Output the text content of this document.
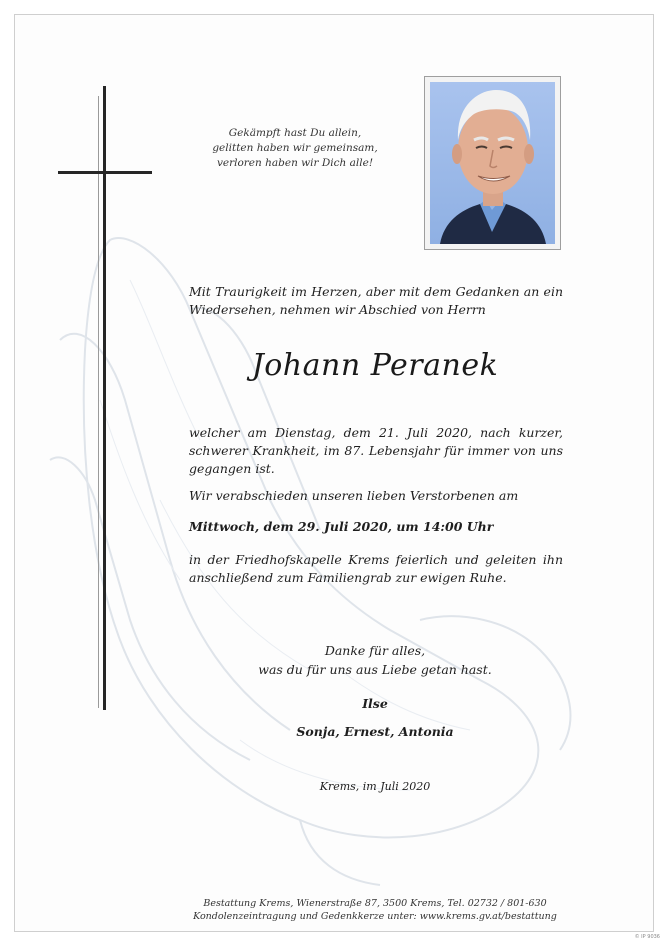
Gekämpft hast Du allein,
gelitten haben wir gemeinsam,
verloren haben wir Dich alle!
Mit Traurigkeit im Herzen, aber mit dem Gedanken an ein Wiedersehen, nehmen wir Abschied von Herrn
Johann Peranek
welcher am Dienstag, dem 21. Juli 2020, nach kurzer, schwerer Krankheit, im 87. Lebensjahr für immer von uns gegangen ist.
Wir verabschieden unseren lieben Verstorbenen am
Mittwoch, dem 29. Juli 2020, um 14:00 Uhr
in der Friedhofskapelle Krems feierlich und geleiten ihn anschließend zum Familiengrab zur ewigen Ruhe.
Danke für alles,
was du für uns aus Liebe getan hast.
Ilse
Sonja, Ernest, Antonia
Krems, im Juli 2020
Bestattung Krems, Wienerstraße 87, 3500 Krems, Tel. 02732 / 801-630
Kondolenzeintragung und Gedenkkerze unter: www.krems.gv.at/bestattung
© IP 9036
